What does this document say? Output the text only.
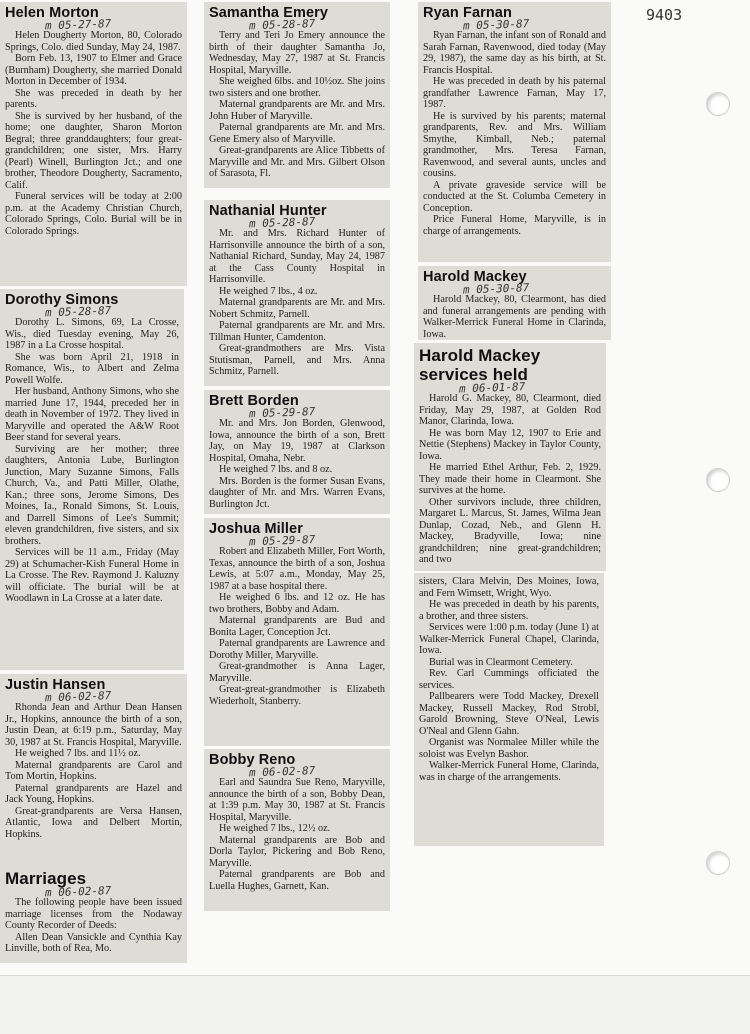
9403
Helen Morton
m 05-27-87

Helen Dougherty Morton, 80, Colorado Springs, Colo. died Sunday, May 24, 1987.

Born Feb. 13, 1907 to Elmer and Grace (Burnham) Dougherty, she married Donald Morton in December of 1934.

She was preceded in death by her parents.

She is survived by her husband, of the home; one daughter, Sharon Morton Begral; three granddaughters; four great-grandchildren; one sister, Mrs. Harry (Pearl) Winell, Burlington Jct.; and one brother, Theodore Dougherty, Sacramento, Calif.

Funeral services will be today at 2:00 p.m. at the Academy Christian Church, Colorado Springs, Colo. Burial will be in Colorado Springs.

Dorothy Simons
m 05-28-87

Dorothy L. Simons, 69, La Crosse, Wis., died Tuesday evening, May 26, 1987 in a La Crosse hospital.

She was born April 21, 1918 in Romance, Wis., to Albert and Zelma Powell Wolfe.

Her husband, Anthony Simons, who she married June 17, 1944, preceded her in death in November of 1972. They lived in Maryville and operated the A&W Root Beer stand for several years.

Surviving are her mother; three daughters, Antonia Lube, Burlington Junction, Mary Suzanne Simons, Falls Church, Va., and Patti Miller, Olathe, Kan.; three sons, Jerome Simons, Des Moines, Ia., Ronald Simons, St. Louis, and Darrell Simons of Lee's Summit; eleven grandchildren, five sisters, and six brothers.

Services will be 11 a.m., Friday (May 29) at Schumacher-Kish Funeral Home in La Crosse. The Rev. Raymond J. Kaluzny will officiate. The burial will be at Woodlawn in La Crosse at a later date.

Justin Hansen
m 06-02-87

Rhonda Jean and Arthur Dean Hansen Jr., Hopkins, announce the birth of a son, Justin Dean, at 6:19 p.m., Saturday, May 30, 1987 at St. Francis Hospital, Maryville.

He weighed 7 lbs. and 11½ oz.

Maternal grandparents are Carol and Tom Mortin, Hopkins.

Paternal grandparents are Hazel and Jack Young, Hopkins.

Great-grandparents are Versa Hansen, Atlantic, Iowa and Delbert Mortin, Hopkins.

Marriages
m 06-02-87

The following people have been issued marriage licenses from the Nodaway County Recorder of Deeds:

Allen Dean Vansickle and Cynthia Kay Linville, both of Rea, Mo.

Samantha Emery
m 05-28-87

Terry and Teri Jo Emery announce the birth of their daughter Samantha Jo, Wednesday, May 27, 1987 at St. Francis Hospital, Maryville.

She weighed 6lbs. and 10½oz. She joins two sisters and one brother.

Maternal grandparents are Mr. and Mrs. John Huber of Maryville.

Paternal grandparents are Mr. and Mrs. Gene Emery also of Maryville.

Great-grandparents are Alice Tibbetts of Maryville and Mr. and Mrs. Gilbert Olson of Sarasota, Fl.

Nathanial Hunter
m 05-28-87

Mr. and Mrs. Richard Hunter of Harrisonville announce the birth of a son, Nathanial Richard, Sunday, May 24, 1987 at the Cass County Hospital in Harrisonville.

He weighed 7 lbs., 4 oz.

Maternal grandparents are Mr. and Mrs. Nobert Schmitz, Parnell.

Paternal grandparents are Mr. and Mrs. Tillman Hunter, Camdenton.

Great-grandmothers are Mrs. Vista Stutisman, Parnell, and Mrs. Anna Schmitz, Parnell.

Brett Borden
m 05-29-87

Mr. and Mrs. Jon Borden, Glenwood, Iowa, announce the birth of a son, Brett Jay, on May 19, 1987 at Clarkson Hospital, Omaha, Nebr.

He weighed 7 lbs. and 8 oz.

Mrs. Borden is the former Susan Evans, daughter of Mr. and Mrs. Warren Evans, Burlington Jct.

Joshua Miller
m 05-29-87

Robert and Elizabeth Miller, Fort Worth, Texas, announce the birth of a son, Joshua Lewis, at 5:07 a.m., Monday, May 25, 1987 at a base hospital there.

He weighed 6 lbs. and 12 oz. He has two brothers, Bobby and Adam.

Maternal grandparents are Bud and Bonita Lager, Conception Jct.

Paternal grandparents are Lawrence and Dorothy Miller, Maryville.

Great-grandmother is Anna Lager, Maryville.

Great-great-grandmother is Elizabeth Wiederholt, Stanberry.

Bobby Reno
m 06-02-87

Earl and Saundra Sue Reno, Maryville, announce the birth of a son, Bobby Dean, at 1:39 p.m. May 30, 1987 at St. Francis Hospital, Maryville.

He weighed 7 lbs., 12½ oz.

Maternal grandparents are Bob and Dorla Taylor, Pickering and Bob Reno, Maryville.

Paternal grandparents are Bob and Luella Hughes, Garnett, Kan.

Ryan Farnan
m 05-30-87

Ryan Farnan, the infant son of Ronald and Sarah Farnan, Ravenwood, died today (May 29, 1987), the same day as his birth, at St. Francis Hospital.

He was preceded in death by his paternal grandfather Lawrence Farnan, May 17, 1987.

He is survived by his parents; maternal grandparents, Rev. and Mrs. William Smythe, Kimball, Neb.; paternal grandmother, Mrs. Teresa Farnan, Ravenwood, and several aunts, uncles and cousins.

A private graveside service will be conducted at the St. Columba Cemetery in Conception.

Price Funeral Home, Maryville, is in charge of arrangements.

Harold Mackey
m 05-30-87

Harold Mackey, 80, Clearmont, has died and funeral arrangements are pending with Walker-Merrick Funeral Home in Clarinda, Iowa.

Harold Mackey services held
m 06-01-87

Harold G. Mackey, 80, Clearmont, died Friday, May 29, 1987, at Golden Rod Manor, Clarinda, Iowa.

He was born May 12, 1907 to Erie and Nettie (Stephens) Mackey in Taylor County, Iowa.

He married Ethel Arthur, Feb. 2, 1929. They made their home in Clearmont. She survives at the home.

Other survivors include, three children, Margaret L. Marcus, St. James, Wilma Jean Dunlap, Cozad, Neb., and Glenn H. Mackey, Bradyville, Iowa; nine grandchildren; nine great-grandchildren; and two

sisters, Clara Melvin, Des Moines, Iowa, and Fern Wimsett, Wright, Wyo.

He was preceded in death by his parents, a brother, and three sisters.

Services were 1:00 p.m. today (June 1) at Walker-Merrick Funeral Chapel, Clarinda, Iowa.

Burial was in Clearmont Cemetery.

Rev. Carl Cummings officiated the services.

Pallbearers were Todd Mackey, Drexell Mackey, Russell Mackey, Rod Strobl, Garold Browning, Steve O'Neal, Lewis O'Neal and Glenn Gahn.

Organist was Normalee Miller while the soloist was Evelyn Bashor.

Walker-Merrick Funeral Home, Clarinda, was in charge of the arrangements.
